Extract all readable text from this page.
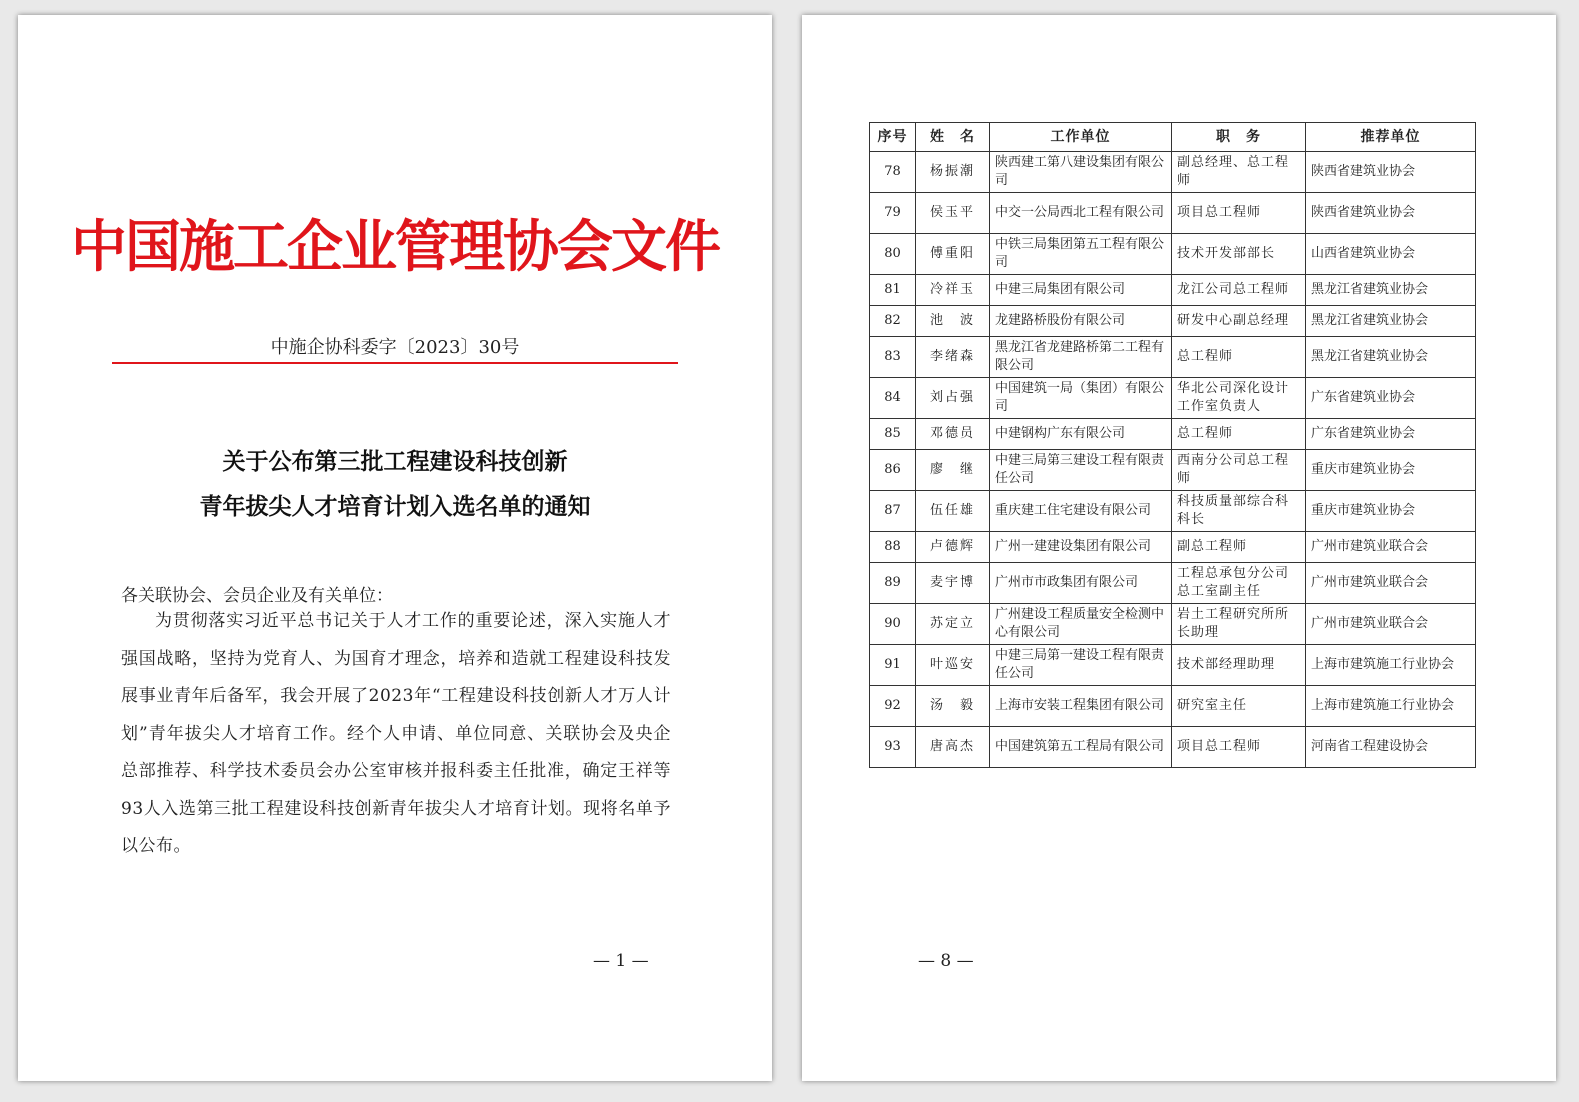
中国施工企业管理协会文件
中施企协科委字〔2023〕30号
关于公布第三批工程建设科技创新
青年拔尖人才培育计划入选名单的通知
各关联协会、会员企业及有关单位：
为贯彻落实习近平总书记关于人才工作的重要论述，深入实施人才强国战略，坚持为党育人、为国育才理念，培养和造就工程建设科技发展事业青年后备军，我会开展了2023年“工程建设科技创新人才万人计划”青年拔尖人才培育工作。经个人申请、单位同意、关联协会及央企总部推荐、科学技术委员会办公室审核并报科委主任批准，确定王祥等93人入选第三批工程建设科技创新青年拔尖人才培育计划。现将名单予以公布。
— 1 —
序号	姓　名	工作单位	职　务	推荐单位
78	杨振潮	陕西建工第八建设集团有限公司	副总经理、总工程师	陕西省建筑业协会
79	侯玉平	中交一公局西北工程有限公司	项目总工程师	陕西省建筑业协会
80	傅重阳	中铁三局集团第五工程有限公司	技术开发部部长	山西省建筑业协会
81	冷祥玉	中建三局集团有限公司	龙江公司总工程师	黑龙江省建筑业协会
82	池　波	龙建路桥股份有限公司	研发中心副总经理	黑龙江省建筑业协会
83	李绪森	黑龙江省龙建路桥第二工程有限公司	总工程师	黑龙江省建筑业协会
84	刘占强	中国建筑一局（集团）有限公司	华北公司深化设计工作室负责人	广东省建筑业协会
85	邓德员	中建钢构广东有限公司	总工程师	广东省建筑业协会
86	廖　继	中建三局第三建设工程有限责任公司	西南分公司总工程师	重庆市建筑业协会
87	伍任雄	重庆建工住宅建设有限公司	科技质量部综合科科长	重庆市建筑业协会
88	卢德辉	广州一建建设集团有限公司	副总工程师	广州市建筑业联合会
89	麦宇博	广州市市政集团有限公司	工程总承包分公司总工室副主任	广州市建筑业联合会
90	苏定立	广州建设工程质量安全检测中心有限公司	岩土工程研究所所长助理	广州市建筑业联合会
91	叶巡安	中建三局第一建设工程有限责任公司	技术部经理助理	上海市建筑施工行业协会
92	汤　毅	上海市安装工程集团有限公司	研究室主任	上海市建筑施工行业协会
93	唐高杰	中国建筑第五工程局有限公司	项目总工程师	河南省工程建设协会
— 8 —
